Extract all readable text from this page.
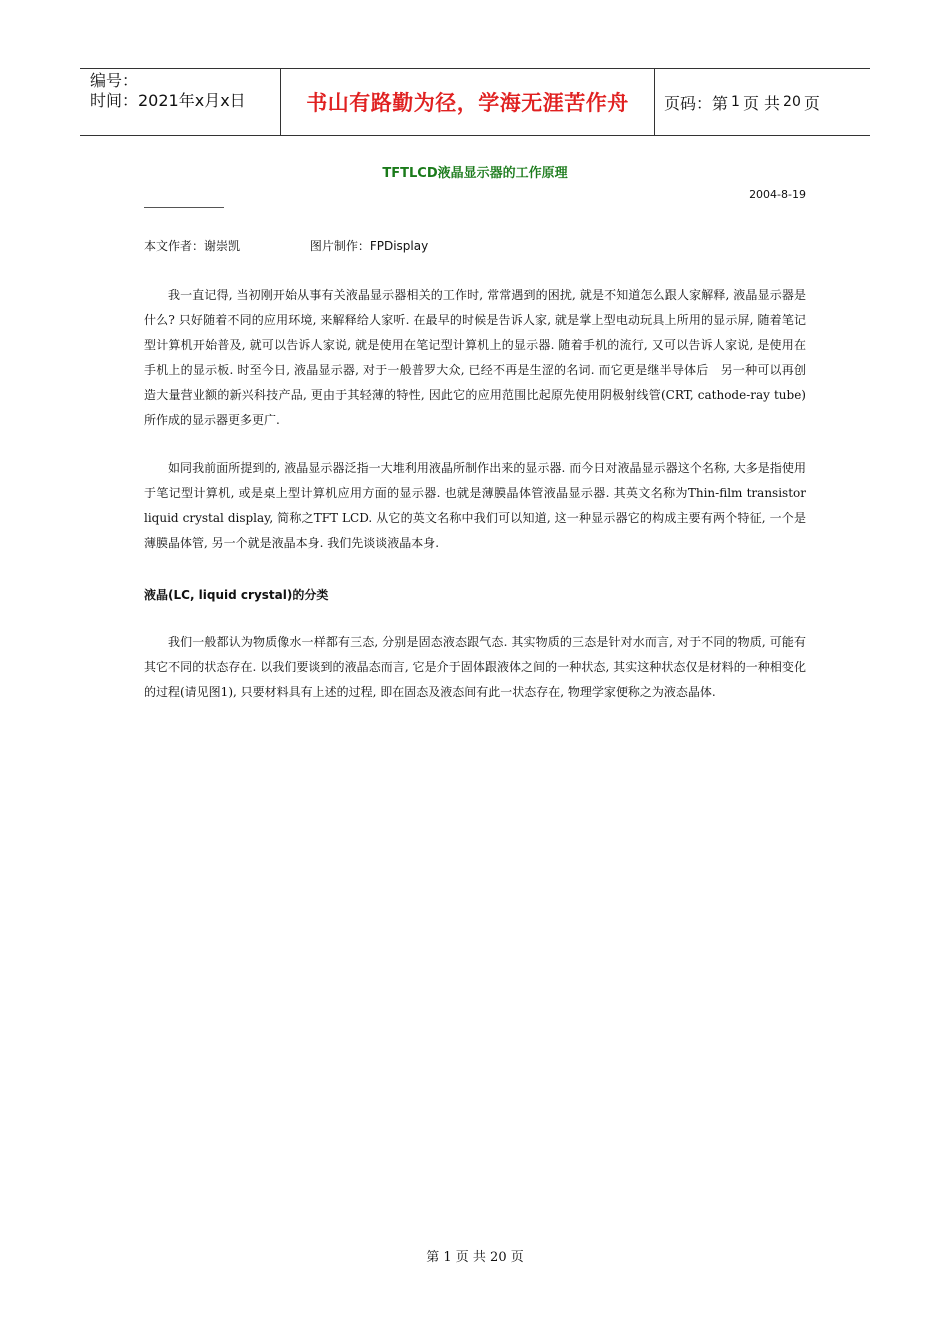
编号：
时间：2021年x月x日	书山有路勤为径，学海无涯苦作舟	页码：第 1 页 共 20 页
TFTLCD液晶显示器的工作原理
2004-8-19
本文作者：谢崇凯	图片制作：FPDisplay
我一直记得, 当初刚开始从事有关液晶显示器相关的工作时, 常常遇到的困扰, 就是不知道怎么跟人家解释, 液晶显示器是什么? 只好随着不同的应用环境, 来解释给人家听. 在最早的时候是告诉人家, 就是掌上型电动玩具上所用的显示屏, 随着笔记型计算机开始普及, 就可以告诉人家说, 就是使用在笔记型计算机上的显示器. 随着手机的流行, 又可以告诉人家说, 是使用在手机上的显示板. 时至今日, 液晶显示器, 对于一般普罗大众, 已经不再是生涩的名词. 而它更是继半导体后　另一种可以再创造大量营业额的新兴科技产品, 更由于其轻薄的特性, 因此它的应用范围比起原先使用阴极射线管(CRT, cathode-ray tube)所作成的显示器更多更广.
如同我前面所提到的, 液晶显示器泛指一大堆利用液晶所制作出来的显示器. 而今日对液晶显示器这个名称, 大多是指使用于笔记型计算机, 或是桌上型计算机应用方面的显示器. 也就是薄膜晶体管液晶显示器. 其英文名称为Thin-film transistor liquid crystal display, 简称之TFT LCD. 从它的英文名称中我们可以知道, 这一种显示器它的构成主要有两个特征, 一个是薄膜晶体管, 另一个就是液晶本身. 我们先谈谈液晶本身.
液晶(LC, liquid crystal)的分类
我们一般都认为物质像水一样都有三态, 分别是固态液态跟气态. 其实物质的三态是针对水而言, 对于不同的物质, 可能有其它不同的状态存在. 以我们要谈到的液晶态而言, 它是介于固体跟液体之间的一种状态, 其实这种状态仅是材料的一种相变化的过程(请见图1), 只要材料具有上述的过程, 即在固态及液态间有此一状态存在, 物理学家便称之为液态晶体.
第 1 页 共 20 页
